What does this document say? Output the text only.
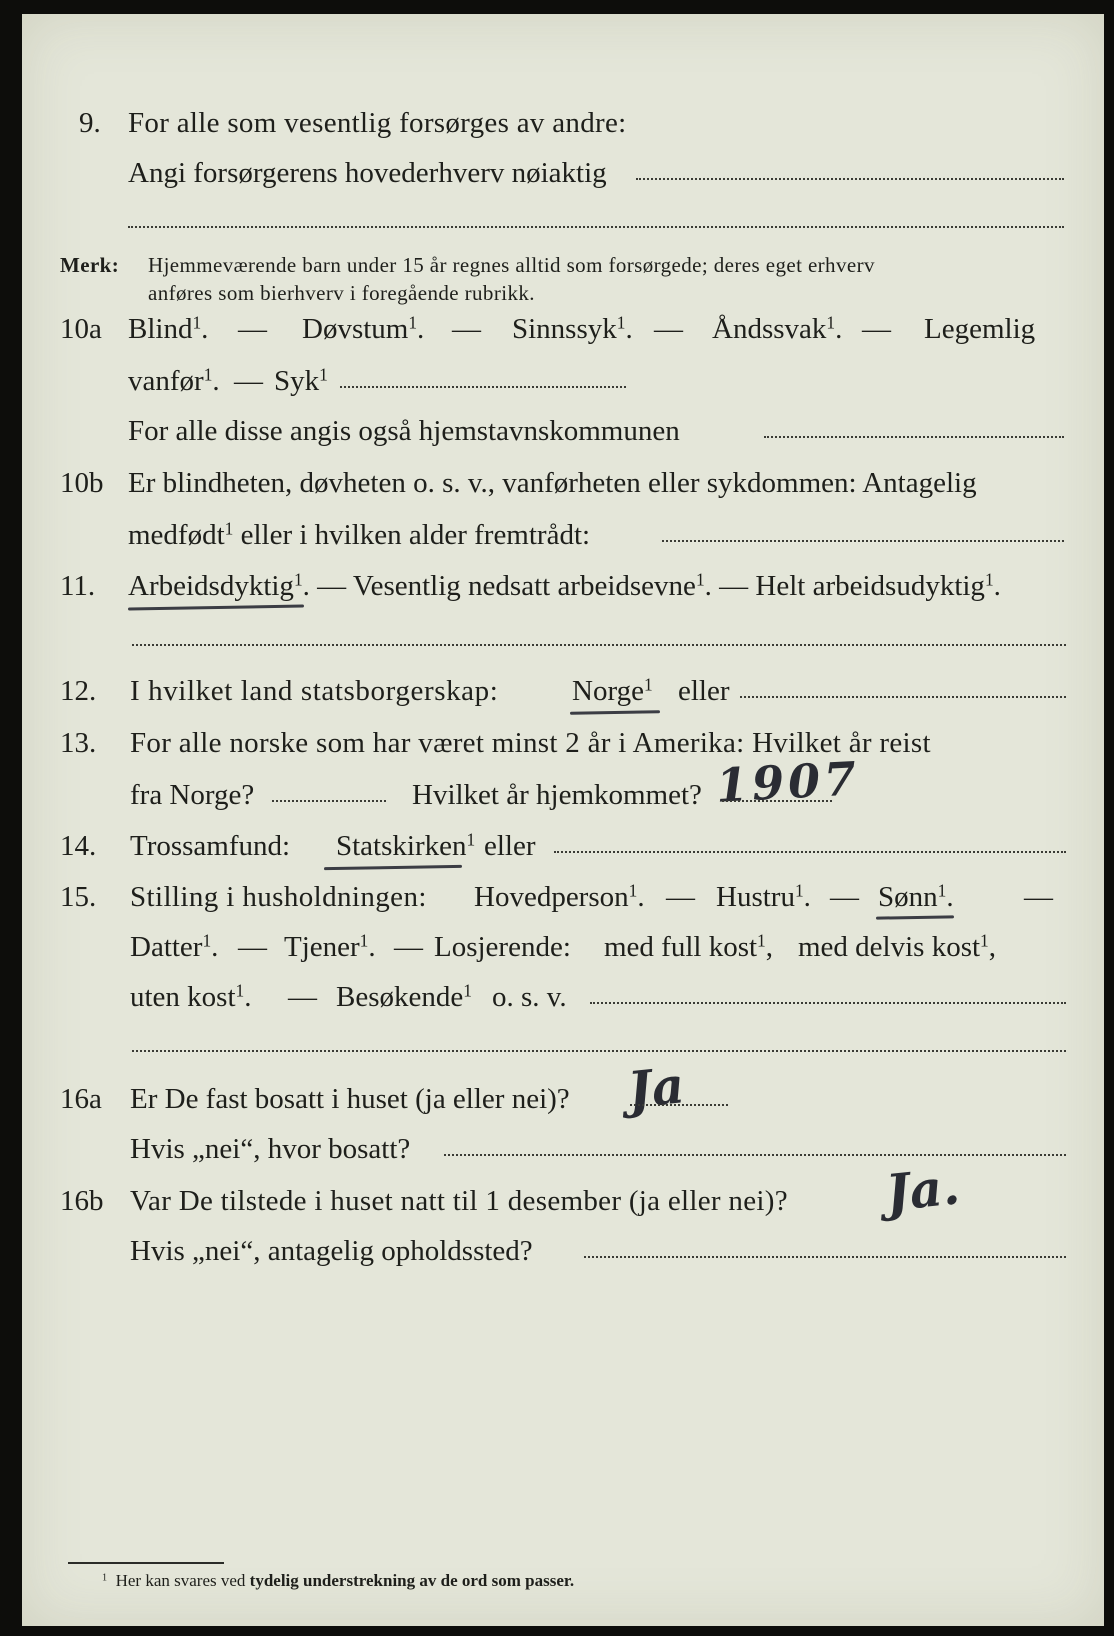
9. For alle som vesentlig forsørges av andre:
Angi forsørgerens hovederhverv nøiaktig
Merk: Hjemmeværende barn under 15 år regnes alltid som forsørgede; deres eget erhverv
anføres som bierhverv i foregående rubrikk.
10a Blind$^1$. — Døvstum$^1$. — Sinnssyk$^1$. — Åndssvak$^1$. — Legemlig
vanfør$^1$. — Syk$^1$
For alle disse angis også hjemstavnskommunen
10b Er blindheten, døvheten o. s. v., vanførheten eller sykdommen: Antagelig
medfødt$^1$ eller i hvilken alder fremtrådt:
11. Arbeidsdyktig$^1$. — Vesentlig nedsatt arbeidsevne$^1$. — Helt arbeidsudyktig$^1$.
12. I hvilket land statsborgerskap:	Norge$^1$ eller
13. For alle norske som har været minst 2 år i Amerika: Hvilket år reist
fra Norge?	Hvilket år hjemkommet? 1907
14. Trossamfund: Statskirken$^1$ eller
15. Stilling i husholdningen: Hovedperson$^1$. — Hustru$^1$. — Sønn$^1$. —
Datter$^1$. — Tjener$^1$. — Losjerende: med full kost$^1$, med delvis kost$^1$,
uten kost$^1$. — Besøkende$^1$ o. s. v.
16a Er De fast bosatt i huset (ja eller nei)? Ja
Hvis „nei“, hvor bosatt?
16b Var De tilstede i huset natt til 1 desember (ja eller nei)? Ja.
Hvis „nei“, antagelig opholdssted?
$^1$ Her kan svares ved tydelig understrekning av de ord som passer.
